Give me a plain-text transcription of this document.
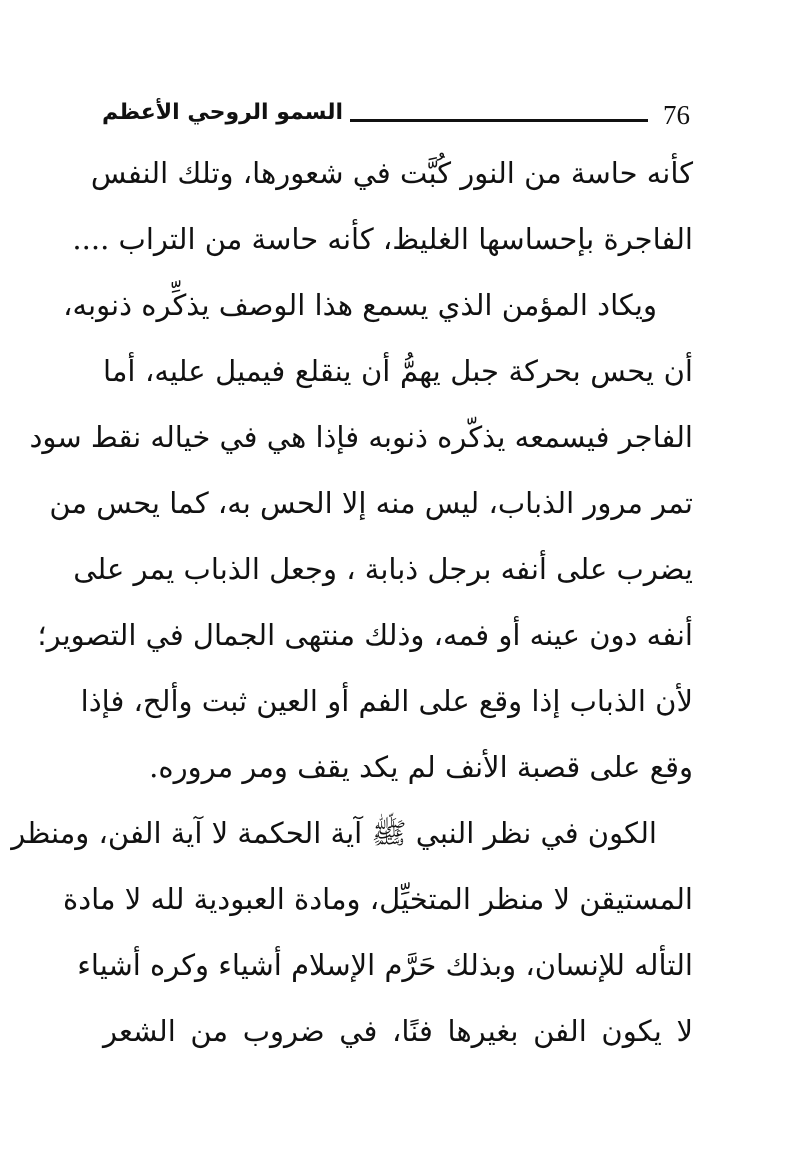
76
السمو الروحي الأعظم
كأنه حاسة من النور كُبَّت في شعورها، وتلك النفس
الفاجرة بإحساسها الغليظ، كأنه حاسة من التراب ....
ويكاد المؤمن الذي يسمع هذا الوصف يذكِّره ذنوبه،
أن يحس بحركة جبل يهمُّ أن ينقلع فيميل عليه، أما
الفاجر فيسمعه يذكّره ذنوبه فإذا هي في خياله نقط سود
تمر مرور الذباب، ليس منه إلا الحس به، كما يحس من
يضرب على أنفه برجل ذبابة ، وجعل الذباب يمر على
أنفه دون عينه أو فمه، وذلك منتهى الجمال في التصوير؛
لأن الذباب إذا وقع على الفم أو العين ثبت وألح، فإذا
وقع على قصبة الأنف لم يكد يقف ومر مروره.
الكون في نظر النبي ﷺ آية الحكمة لا آية الفن، ومنظر
المستيقن لا منظر المتخيِّل، ومادة العبودية لله لا مادة
التأله للإنسان، وبذلك حَرَّم الإسلام أشياء وكره أشياء
لا يكون الفن بغيرها فنًا، في ضروب من الشعر
